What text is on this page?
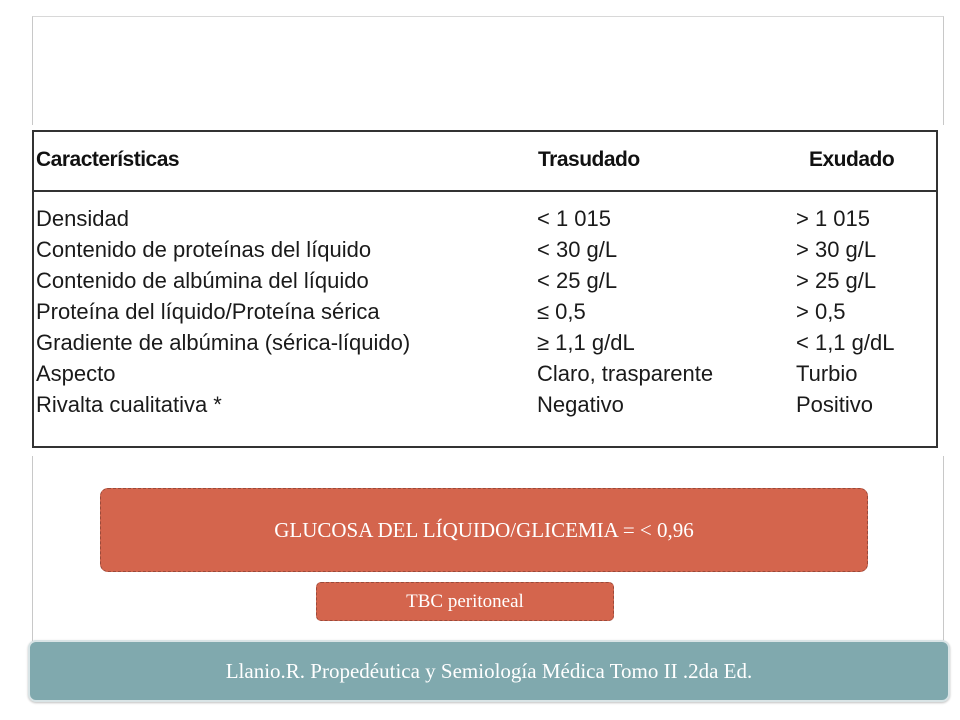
Características	Trasudado	Exudado
Densidad	< 1 015	> 1 015
Contenido de proteínas del líquido	< 30 g/L	> 30 g/L
Contenido de albúmina del líquido	< 25 g/L	> 25 g/L
Proteína del líquido/Proteína sérica	≤ 0,5	> 0,5
Gradiente de albúmina (sérica-líquido)	≥ 1,1 g/dL	< 1,1 g/dL
Aspecto	Claro, trasparente	Turbio
Rivalta cualitativa *	Negativo	Positivo
GLUCOSA DEL LÍQUIDO/GLICEMIA = < 0,96
TBC peritoneal
Llanio.R. Propedéutica y Semiología Médica Tomo II .2da Ed.
